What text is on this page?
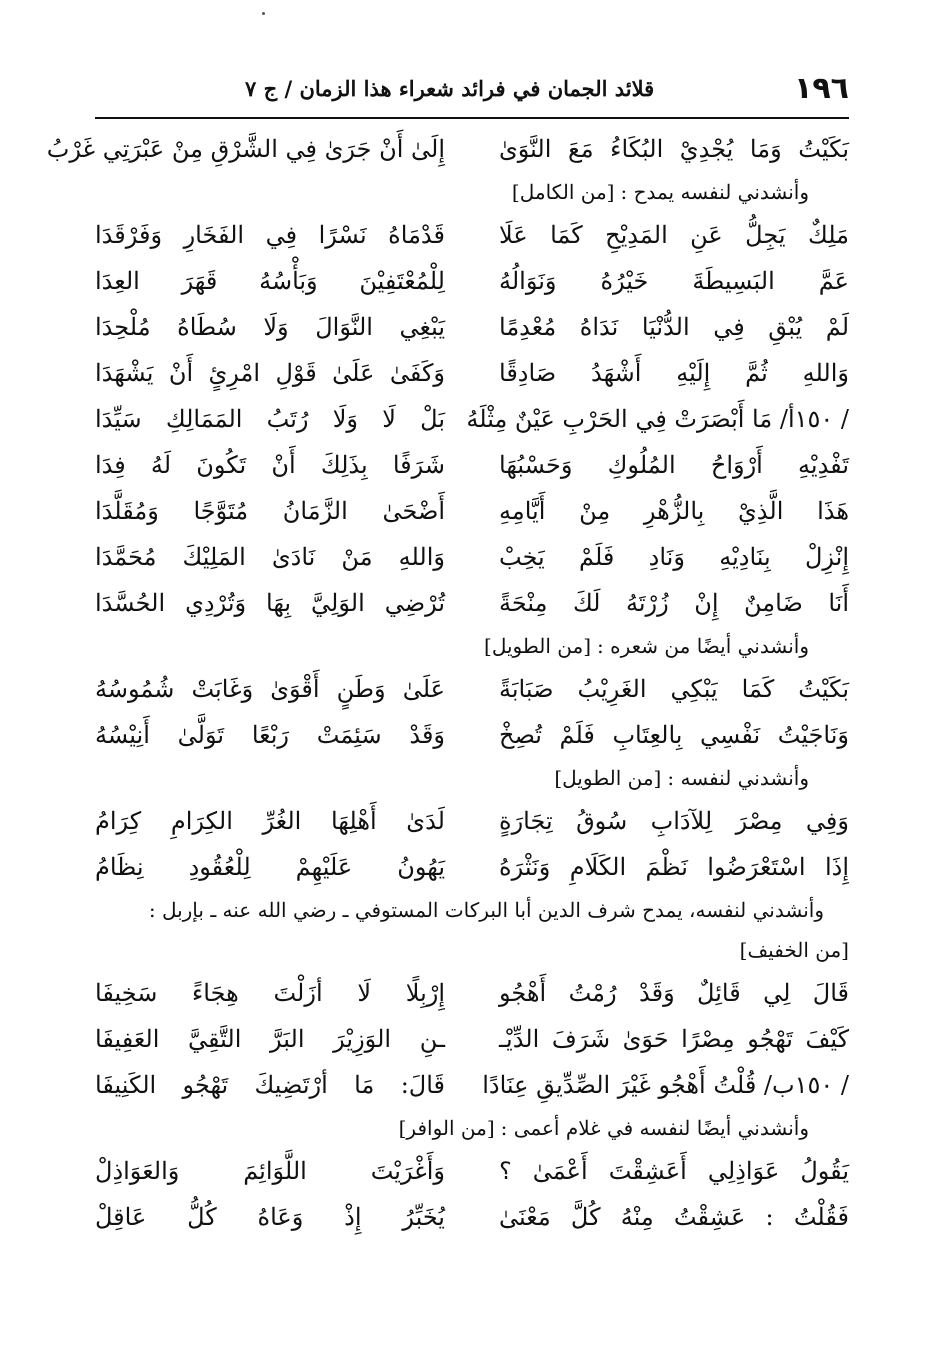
١٩٦
قلائد الجمان في فرائد شعراء هذا الزمان / ج ٧
بَكَيْتُ وَمَا يُجْدِيْ البُكَاءُ مَعَ النَّوَىٰ
إِلَىٰ أَنْ جَرَىٰ فِي الشَّرْقِ مِنْ عَبْرَتِي غَرْبُ
وأنشدني لنفسه يمدح :[من الكامل]
مَلِكٌ يَجِلُّ عَنِ المَدِيْحِ كَمَا عَلَا
قَدْمَاهُ نَسْرًا فِي الفَخَارِ وَفَرْقَدَا
عَمَّ البَسِيطَةَ خَيْرُهُ وَنَوَالُهُ
لِلْمُعْتَفِيْنَ وَبَأْسُهُ قَهَرَ العِدَا
لَمْ يُبْقِ فِي الدُّنْيَا نَدَاهُ مُعْدِمًا
يَبْغِي النَّوَالَ وَلَا سُطَاهُ مُلْحِدَا
وَاللهِ ثُمَّ إِلَيْهِ أَشْهَدُ صَادِقًا
وَكَفَىٰ عَلَىٰ قَوْلِ امْرِئٍ أَنْ يَشْهَدَا
/ ١٥٠أ/ مَا أَبْصَرَتْ فِي الحَرْبِ عَيْنٌ مِثْلَهُ
بَلْ لَا وَلَا رُتَبُ المَمَالِكِ سَيِّدَا
تَفْدِيْهِ أَرْوَاحُ المُلُوكِ وَحَسْبُهَا
شَرَفًا بِذَلِكَ أَنْ تَكُونَ لَهُ فِدَا
هَذَا الَّذِيْ بِالزُّهْرِ مِنْ أَيَّامِهِ
أَضْحَىٰ الزَّمَانُ مُتَوَّجًا وَمُقَلَّدَا
إِنْزِلْ بِنَادِيْهِ وَنَادِ فَلَمْ يَخِبْ
وَاللهِ مَنْ نَادَىٰ المَلِيْكَ مُحَمَّدَا
أَنَا ضَامِنٌ إِنْ زُرْتَهُ لَكَ مِنْحَةً
تُرْضِي الوَلِيَّ بِهَا وَتُرْدِي الحُسَّدَا
وأنشدني أيضًا من شعره :[من الطويل]
بَكَيْتُ كَمَا يَبْكِي الغَرِيْبُ صَبَابَةً
عَلَىٰ وَطَنٍ أَقْوَىٰ وَغَابَتْ شُمُوسُهُ
وَنَاجَيْتُ نَفْسِي بِالعِتَابِ فَلَمْ تُصِخْ
وَقَدْ سَئِمَتْ رَبْعًا تَوَلَّىٰ أَنِيْسُهُ
وأنشدني لنفسه :[من الطويل]
وَفِي مِصْرَ لِلآدَابِ سُوقُ تِجَارَةٍ
لَدَىٰ أَهْلِهَا الغُرِّ الكِرَامِ كِرَامُ
إِذَا اسْتَعْرَضُوا نَظْمَ الكَلَامِ وَنَثْرَهُ
يَهُونُ عَلَيْهِمْ لِلْعُقُودِ نِظَامُ
وأنشدني لنفسه، يمدح شرف الدين أبا البركات المستوفي ـ رضي الله عنه ـ بإربل :
[من الخفيف]
قَالَ لِي قَائِلٌ وَقَدْ رُمْتُ أَهْجُو
إِرْبِلًا لَا أزَلْتَ هِجَاءً سَخِيفَا
كَيْفَ تَهْجُو مِصْرًا حَوَىٰ شَرَفَ الدِّيْـ
ـنِ الوَزِيْرَ البَرَّ التَّقِيَّ العَفِيفَا
/ ١٥٠ب/ قُلْتُ أَهْجُو غَيْرَ الصِّدِّيقِ عِنَادًا
قَالَ: مَا أرْتَضِيكَ تَهْجُو الكَنِيفَا
وأنشدني أيضًا لنفسه في غلام أعمى :[من الوافر]
يَقُولُ عَوَاذِلِي أَعَشِقْتَ أَعْمَىٰ ؟
وَأَغْرَيْتَ اللَّوَائِمَ وَالعَوَاذِلْ
فَقُلْتُ : عَشِقْتُ مِنْهُ كُلَّ مَعْنَىٰ
يُخَبِّرُ إِذْ وَعَاهُ كُلُّ عَاقِلْ
